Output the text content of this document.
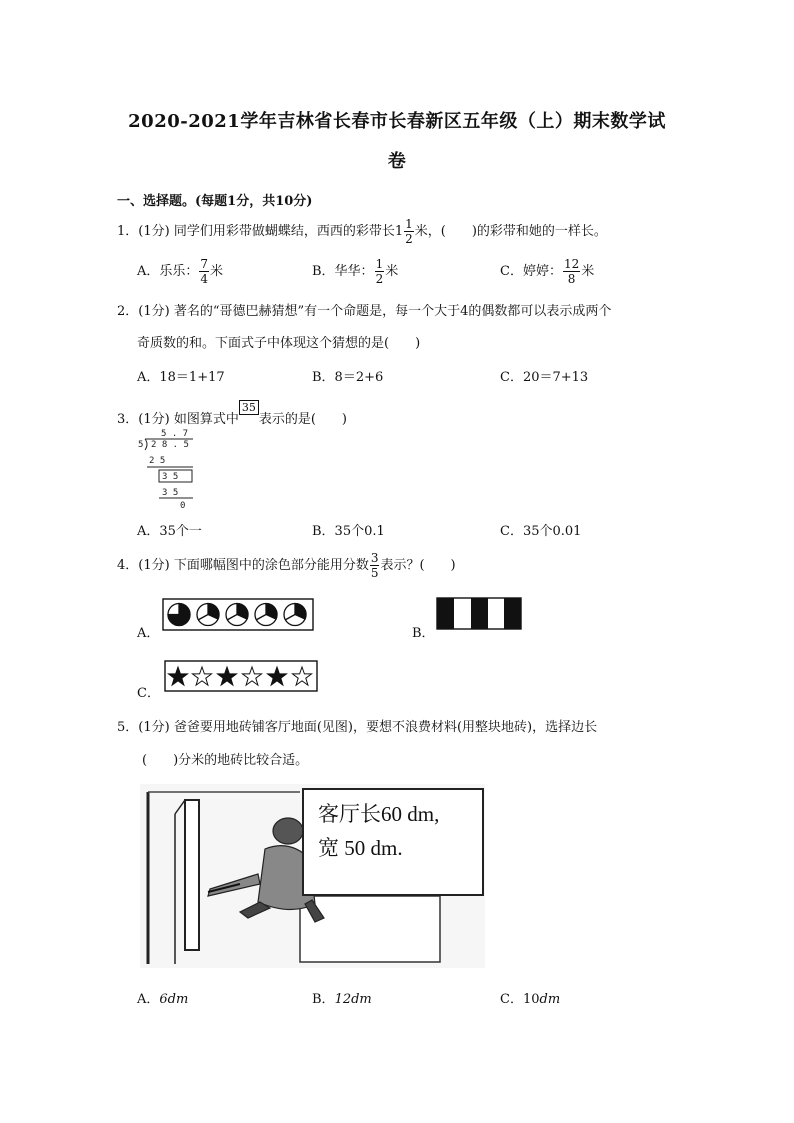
2020-2021学年吉林省长春市长春新区五年级（上）期末数学试
卷
一、选择题。(每题1分，共10分)
1．(1分) 同学们用彩带做蝴蝶结，西西的彩带长$1 \frac{1}{2}$ 米，(　　)的彩带和她的一样长。
A．乐乐： $\frac{7}{4}$ 米	B．华华： $\frac{1}{2}$ 米	C．婷婷： $\frac{12}{8}$ 米
2．(1分) 著名的“哥德巴赫猜想”有一个命题是，每一个大于4的偶数都可以表示成两个
奇质数的和。下面式子中体现这个猜想的是(　　)
A．18＝1+17	B．8＝2+6	C．20＝7+13
3．(1分) 如图算式中35表示的是(　　)
5 . 7
5 2 8 . 5
2 5
3 5
3 5
0
A．35个一	B．35个0.1	C．35个0.01
4．(1分) 下面哪幅图中的涂色部分能用分数 $\frac{3}{5}$ 表示？(　　)
A．	B．
C．
5．(1分) 爸爸要用地砖铺客厅地面(见图)，要想不浪费材料(用整块地砖)，选择边长
(　　)分米的地砖比较合适。
客厅长60 dm,
宽 50 dm.
A．6dm	B．12dm	C．10dm
